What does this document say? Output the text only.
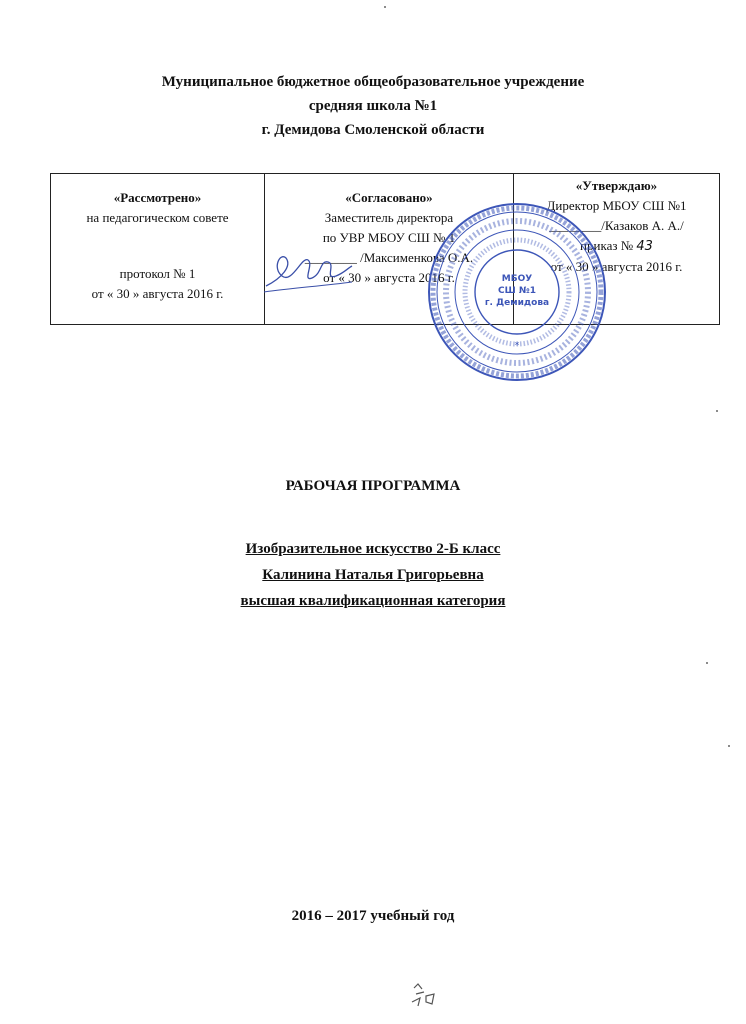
Муниципальное бюджетное общеобразовательное учреждение
средняя школа №1
г. Демидова Смоленской области
«Рассмотрено»
на педагогическом совете
протокол № 1
от « 30 » августа 2016 г.

«Согласовано»
Заместитель директора
по УВР МБОУ СШ № 1
________ /Максименкова О.А.
от « 30 » августа 2016 г.

«Утверждаю»
Директор МБОУ СШ №1
________/Казаков А. А./
приказ № 43
от « 30 » августа 2016 г.
МБОУ
СШ №1
г. Демидова
*
РАБОЧАЯ ПРОГРАММА
Изобразительное искусство 2-Б класс
Калинина Наталья Григорьевна
высшая квалификационная категория
2016 – 2017 учебный год
